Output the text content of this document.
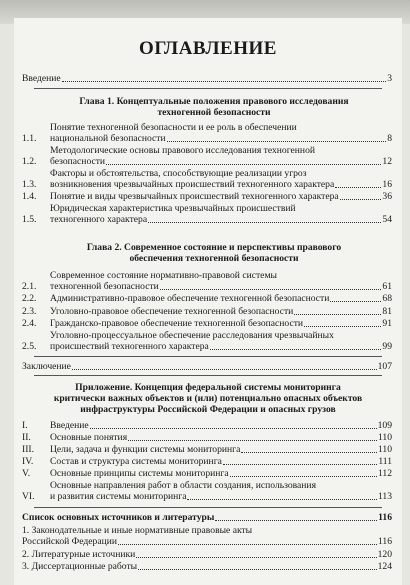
ОГЛАВЛЕНИЕ
Введение	3
Глава 1. Концептуальные положения правового исследования
техногенной безопасности
1.1.
Понятие техногенной безопасности и ее роль в обеспечении
национальной безопасности	8
1.2.
Методологические основы правового исследования техногенной
безопасности	12
1.3.
Факторы и обстоятельства, способствующие реализации угроз
возникновения чрезвычайных происшествий техногенного характера	16
1.4.	Понятие и виды чрезвычайных происшествий техногенного характера	36
1.5.
Юридическая характеристика чрезвычайных происшествий
техногенного характера	54
Глава 2. Современное состояние и перспективы правового
обеспечения техногенной безопасности
2.1.
Современное состояние нормативно-правовой системы
техногенной безопасности	61
2.2.	Административно-правовое обеспечение техногенной безопасности	68
2.3.	Уголовно-правовое обеспечение техногенной безопасности	81
2.4.	Гражданско-правовое обеспечение техногенной безопасности	91
2.5.
Уголовно-процессуальное обеспечение расследования чрезвычайных
происшествий техногенного характера	99
Заключение	107
Приложение. Концепция федеральной системы мониторинга
критически важных объектов и (или) потенциально опасных объектов
инфраструктуры Российской Федерации и опасных грузов
I.	Введение	109
II.	Основные понятия	110
III.	Цели, задача и функции системы мониторинга	110
IV.	Состав и структура системы мониторинга	111
V.	Основные принципы системы мониторинга	112
VI.
Основные направления работ в области создания, использования
и развития системы мониторинга	113
Список основных источников и литературы	116
1. Законодательные и иные нормативные правовые акты
Российской Федерации	116
2. Литературные источники	120
3. Диссертационные работы	124
